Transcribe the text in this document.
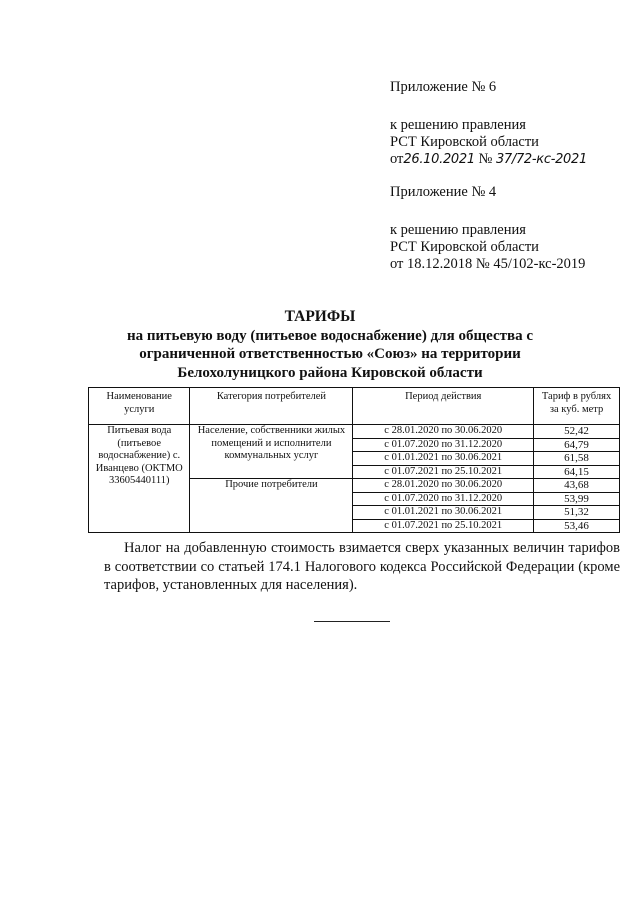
Приложение № 6
к решению правления
РСТ Кировской области
от26.10.2021 № 37/72-кс-2021
Приложение № 4
к решению правления
РСТ Кировской области
от 18.12.2018 № 45/102-кс-2019
ТАРИФЫ

на питьевую воду (питьевое водоснабжение) для общества с
ограниченной ответственностью «Союз» на территории
Белохолуницкого района Кировской области
Наименование услуги	Категория потребителей	Период действия	Тариф в рублях за куб. метр
Питьевая вода (питьевое водоснабжение) с. Иванцево (ОКТМО 33605440111)	Население, собственники жилых помещений и исполнители коммунальных услуг	с 28.01.2020 по 30.06.2020	52,42
		с 01.07.2020 по 31.12.2020	64,79
		с 01.01.2021 по 30.06.2021	61,58
		с 01.07.2021 по 25.10.2021	64,15
	Прочие потребители	с 28.01.2020 по 30.06.2020	43,68
		с 01.07.2020 по 31.12.2020	53,99
		с 01.01.2021 по 30.06.2021	51,32
		с 01.07.2021 по 25.10.2021	53,46
Налог на добавленную стоимость взимается сверх указанных величин тарифов в соответствии со статьей 174.1 Налогового кодекса Российской Федерации (кроме тарифов, установленных для населения).
